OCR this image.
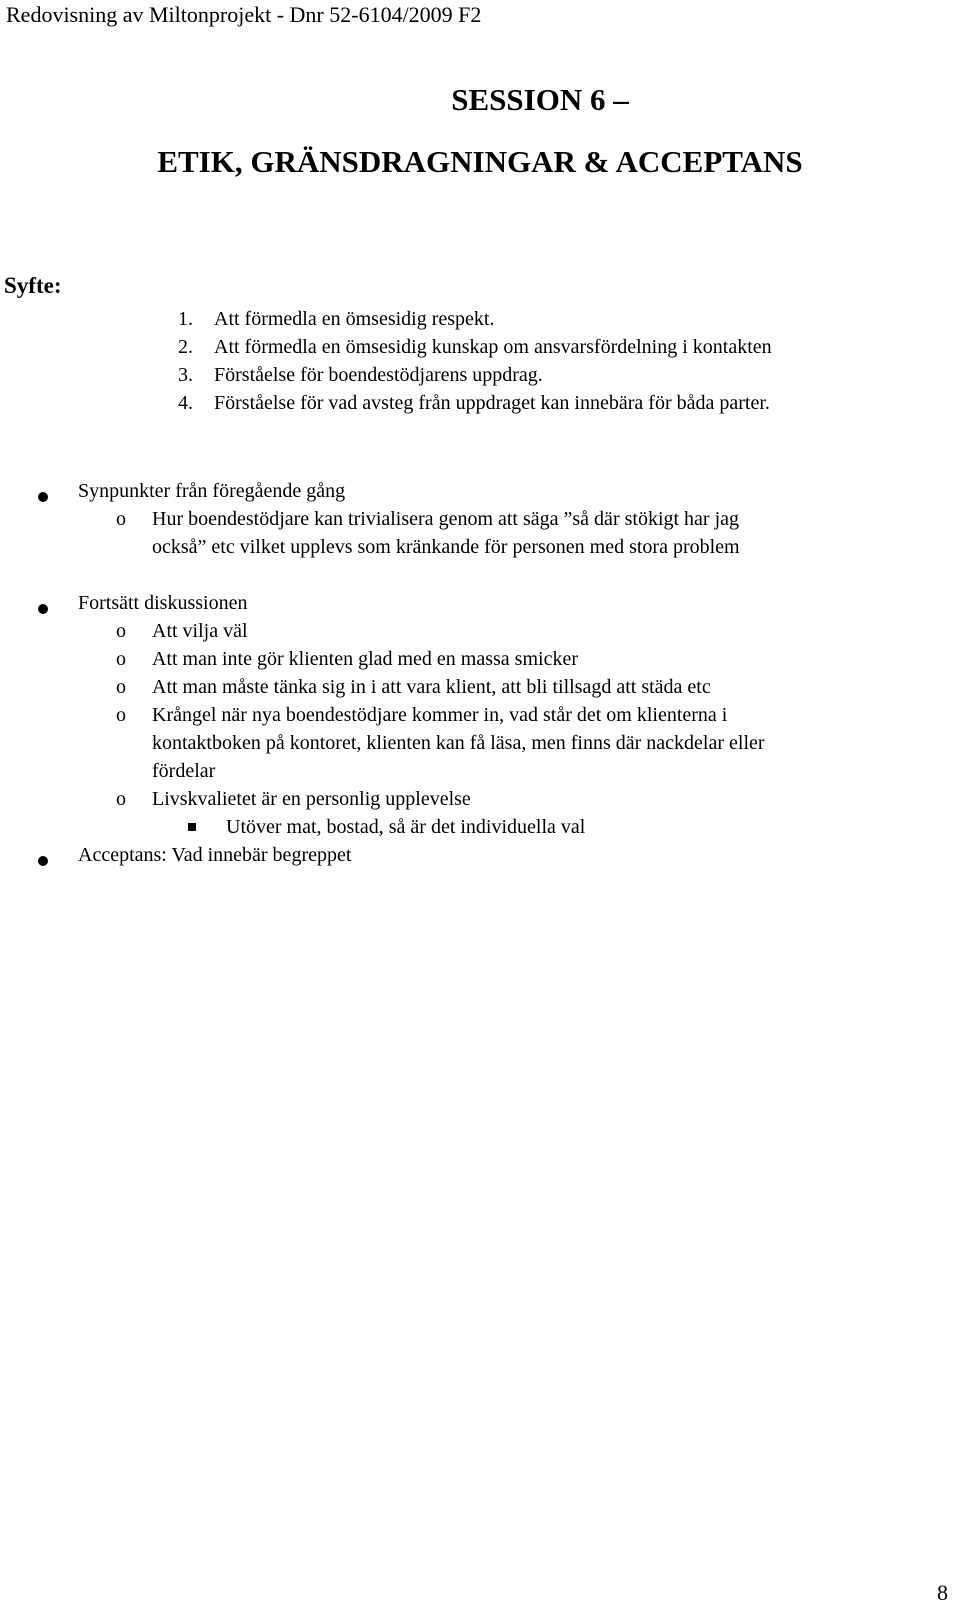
Redovisning av Miltonprojekt - Dnr 52-6104/2009 F2
SESSION 6 –
ETIK, GRÄNSDRAGNINGAR & ACCEPTANS
Syfte:
1. Att förmedla en ömsesidig respekt.
2. Att förmedla en ömsesidig kunskap om ansvarsfördelning i kontakten
3. Förståelse för boendestödjarens uppdrag.
4. Förståelse för vad avsteg från uppdraget kan innebära för båda parter.
Synpunkter från föregående gång
o Hur boendestödjare kan trivialisera genom att säga ”så där stökigt har jag
också” etc vilket upplevs som kränkande för personen med stora problem
Fortsätt diskussionen
o Att vilja väl
o Att man inte gör klienten glad med en massa smicker
o Att man måste tänka sig in i att vara klient, att bli tillsagd att städa etc
o Krångel när nya boendestödjare kommer in, vad står det om klienterna i
kontaktboken på kontoret, klienten kan få läsa, men finns där nackdelar eller
fördelar
o Livskvalietet är en personlig upplevelse
Utöver mat, bostad, så är det individuella val
Acceptans: Vad innebär begreppet
8
